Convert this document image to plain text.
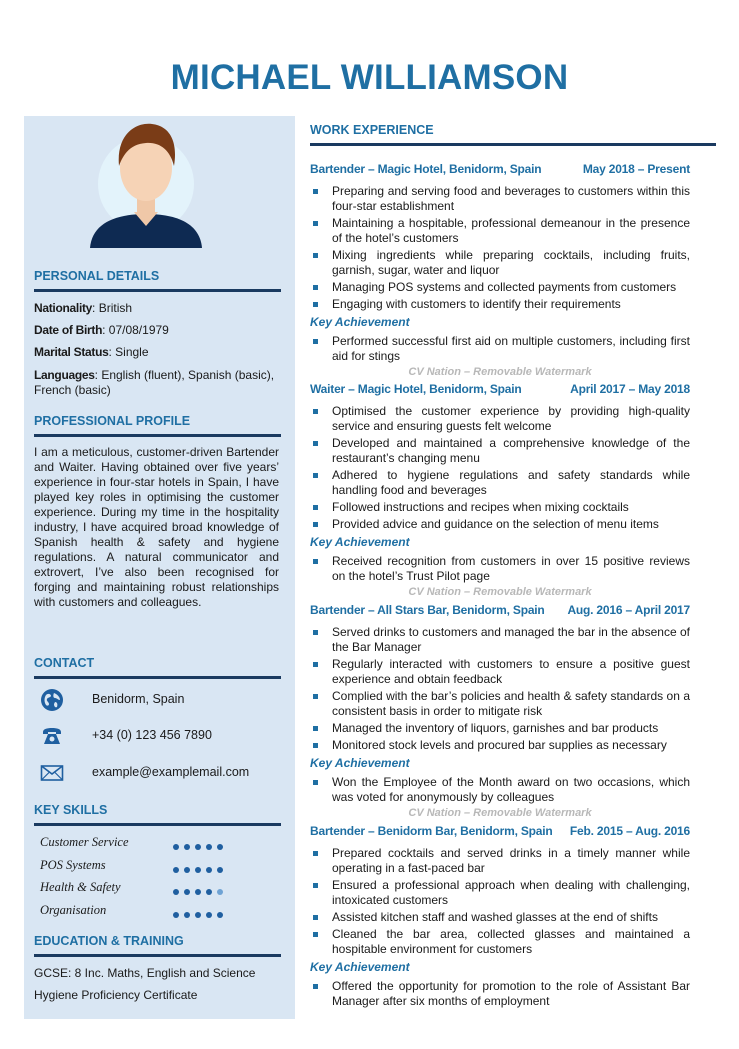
MICHAEL WILLIAMSON
PERSONAL DETAILS
Nationality: British
Date of Birth: 07/08/1979
Marital Status: Single
Languages: English (fluent), Spanish (basic), French (basic)
PROFESSIONAL PROFILE
I am a meticulous, customer-driven Bartender and Waiter. Having obtained over five years’ experience in four-star hotels in Spain, I have played key roles in optimising the customer experience. During my time in the hospitality industry, I have acquired broad knowledge of Spanish health & safety and hygiene regulations. A natural communicator and extrovert, I’ve also been recognised for forging and maintaining robust relationships with customers and colleagues.
CONTACT
Benidorm, Spain
+34 (0) 123 456 7890
example@examplemail.com
KEY SKILLS
Customer Service
POS Systems
Health & Safety
Organisation
EDUCATION & TRAINING
GCSE: 8 Inc. Maths, English and Science
Hygiene Proficiency Certificate
WORK EXPERIENCE
Bartender – Magic Hotel, Benidorm, Spain	May 2018 – Present
Preparing and serving food and beverages to customers within this four-star establishment
Maintaining a hospitable, professional demeanour in the presence of the hotel’s customers
Mixing ingredients while preparing cocktails, including fruits, garnish, sugar, water and liquor
Managing POS systems and collected payments from customers
Engaging with customers to identify their requirements
Key Achievement
Performed successful first aid on multiple customers, including first aid for stings
CV Nation – Removable Watermark
Waiter – Magic Hotel, Benidorm, Spain	April 2017 – May 2018
Optimised the customer experience by providing high-quality service and ensuring guests felt welcome
Developed and maintained a comprehensive knowledge of the restaurant’s changing menu
Adhered to hygiene regulations and safety standards while handling food and beverages
Followed instructions and recipes when mixing cocktails
Provided advice and guidance on the selection of menu items
Key Achievement
Received recognition from customers in over 15 positive reviews on the hotel’s Trust Pilot page
CV Nation – Removable Watermark
Bartender – All Stars Bar, Benidorm, Spain Aug. 2016 – April 2017
Served drinks to customers and managed the bar in the absence of the Bar Manager
Regularly interacted with customers to ensure a positive guest experience and obtain feedback
Complied with the bar’s policies and health & safety standards on a consistent basis in order to mitigate risk
Managed the inventory of liquors, garnishes and bar products
Monitored stock levels and procured bar supplies as necessary
Key Achievement
Won the Employee of the Month award on two occasions, which was voted for anonymously by colleagues
CV Nation – Removable Watermark
Bartender – Benidorm Bar, Benidorm, Spain Feb. 2015 – Aug. 2016
Prepared cocktails and served drinks in a timely manner while operating in a fast-paced bar
Ensured a professional approach when dealing with challenging, intoxicated customers
Assisted kitchen staff and washed glasses at the end of shifts
Cleaned the bar area, collected glasses and maintained a hospitable environment for customers
Key Achievement
Offered the opportunity for promotion to the role of Assistant Bar Manager after six months of employment
